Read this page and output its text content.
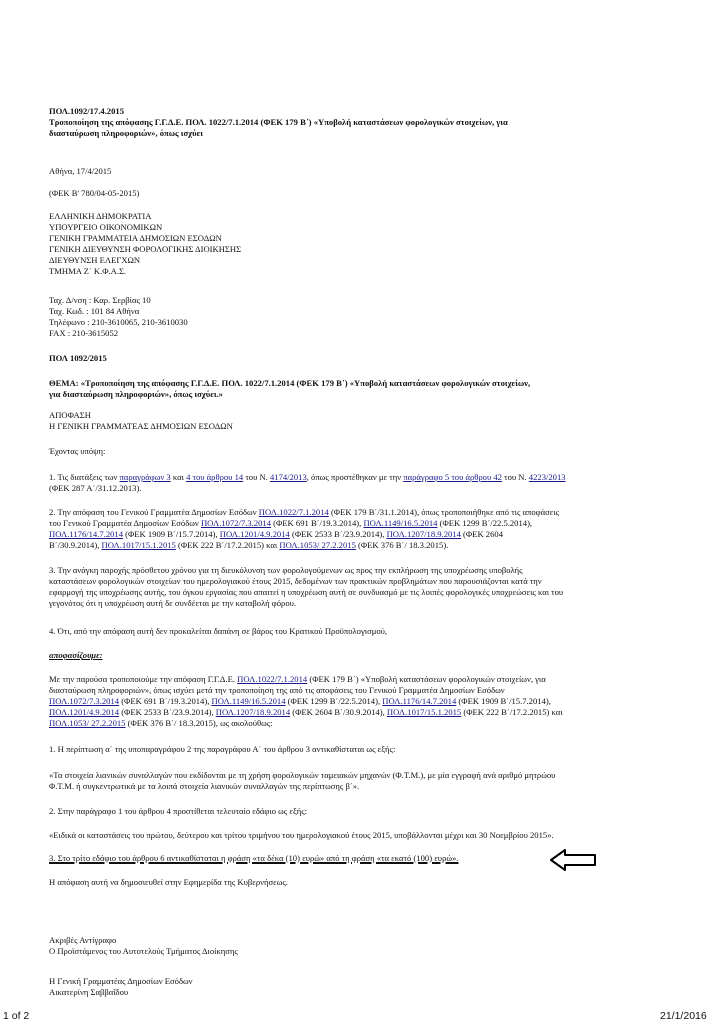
ΠΟΛ.1092/17.4.2015
Τροποποίηση της απόφασης Γ.Γ.Δ.Ε. ΠΟΛ. 1022/7.1.2014 (ΦΕΚ 179 Β΄) «Υποβολή καταστάσεων φορολογικών στοιχείων, για
διασταύρωση πληροφοριών», όπως ισχύει
Αθήνα, 17/4/2015
(ΦΕΚ Β' 780/04-05-2015)
ΕΛΛΗΝΙΚΗ ΔΗΜΟΚΡΑΤΙΑ
ΥΠΟΥΡΓΕΙΟ ΟΙΚΟΝΟΜΙΚΩΝ
ΓΕΝΙΚΗ ΓΡΑΜΜΑΤΕΙΑ ΔΗΜΟΣΙΩΝ ΕΣΟΔΩΝ
ΓΕΝΙΚΗ ΔΙΕΥΘΥΝΣΗ ΦΟΡΟΛΟΓΙΚΗΣ ΔΙΟΙΚΗΣΗΣ
ΔΙΕΥΘΥΝΣΗ ΕΛΕΓΧΩΝ
ΤΜΗΜΑ Ζ΄ Κ.Φ.Α.Σ.
Ταχ. Δ/νση : Καρ. Σερβίας 10
Ταχ. Κωδ. : 101 84 Αθήνα
Τηλέφωνο : 210-3610065, 210-3610030
FAX : 210-3615052
ΠΟΛ 1092/2015
ΘΕΜΑ: «Τροποποίηση της απόφασης Γ.Γ.Δ.Ε. ΠΟΛ. 1022/7.1.2014 (ΦΕΚ 179 Β΄) «Υποβολή καταστάσεων φορολογικών στοιχείων,
για διασταύρωση πληροφοριών», όπως ισχύει.»
ΑΠΟΦΑΣΗ
Η ΓΕΝΙΚΗ ΓΡΑΜΜΑΤΕΑΣ ΔΗΜΟΣΙΩΝ ΕΣΟΔΩΝ
Έχοντας υπόψη:
1. Τις διατάξεις των παραγράφων 3 και 4 του άρθρου 14 του Ν. 4174/2013, όπως προστέθηκαν με την παράγραφο 5 του άρθρου 42 του Ν. 4223/2013
(ΦΕΚ 287 Α΄/31.12.2013).
2. Την απόφαση του Γενικού Γραμματέα Δημοσίων Εσόδων ΠΟΛ.1022/7.1.2014 (ΦΕΚ 179 Β΄/31.1.2014), όπως τροποποιήθηκε από τις αποφάσεις
του Γενικού Γραμματέα Δημοσίων Εσόδων ΠΟΛ.1072/7.3.2014 (ΦΕΚ 691 Β΄/19.3.2014), ΠΟΛ.1149/16.5.2014 (ΦΕΚ 1299 Β΄/22.5.2014),
ΠΟΛ.1176/14.7.2014 (ΦΕΚ 1909 Β΄/15.7.2014), ΠΟΛ.1201/4.9.2014 (ΦΕΚ 2533 Β΄/23.9.2014), ΠΟΛ.1207/18.9.2014 (ΦΕΚ 2604
Β΄/30.9.2014), ΠΟΛ.1017/15.1.2015 (ΦΕΚ 222 Β΄/17.2.2015) και ΠΟΛ.1053/ 27.2.2015 (ΦΕΚ 376 Β΄/ 18.3.2015).
3. Την ανάγκη παροχής πρόσθετου χρόνου για τη διευκόλυνση των φορολογούμενων ως προς την εκπλήρωση της υποχρέωσης υποβολής
καταστάσεων φορολογικών στοιχείων του ημερολογιακού έτους 2015, δεδομένων των πρακτικών προβλημάτων που παρουσιάζονται κατά την
εφαρμογή της υποχρέωσης αυτής, του όγκου εργασίας που απαιτεί η υποχρέωση αυτή σε συνδυασμό με τις λοιπές φορολογικές υποχρεώσεις και του
γεγονότος ότι η υποχρέωση αυτή δε συνδέεται με την καταβολή φόρου.
4. Ότι, από την απόφαση αυτή δεν προκαλείται δαπάνη σε βάρος του Κρατικού Προϋπολογισμού,
αποφασίζουμε:
Με την παρούσα τροποποιούμε την απόφαση Γ.Γ.Δ.Ε. ΠΟΛ.1022/7.1.2014 (ΦΕΚ 179 Β΄) «Υποβολή καταστάσεων φορολογικών στοιχείων, για
διασταύρωση πληροφοριών», όπως ισχύει μετά την τροποποίηση της από τις αποφάσεις του Γενικού Γραμματέα Δημοσίων Εσόδων
ΠΟΛ.1072/7.3.2014 (ΦΕΚ 691 Β΄/19.3.2014), ΠΟΛ.1149/16.5.2014 (ΦΕΚ 1299 Β΄/22.5.2014), ΠΟΛ.1176/14.7.2014 (ΦΕΚ 1909 Β΄/15.7.2014),
ΠΟΛ.1201/4.9.2014 (ΦΕΚ 2533 Β΄/23.9.2014), ΠΟΛ.1207/18.9.2014 (ΦΕΚ 2604 Β΄/30.9.2014), ΠΟΛ.1017/15.1.2015 (ΦΕΚ 222 Β΄/17.2.2015) και
ΠΟΛ.1053/ 27.2.2015 (ΦΕΚ 376 Β΄/ 18.3.2015), ως ακολούθως:
1. Η περίπτωση α΄ της υποπαραγράφου 2 της παραγράφου Α΄ του άρθρου 3 αντικαθίσταται ως εξής:
«Τα στοιχεία λιανικών συναλλαγών που εκδίδονται με τη χρήση φορολογικών ταμειακών μηχανών (Φ.Τ.Μ.), με μία εγγραφή ανά αριθμό μητρώου
Φ.Τ.Μ. ή συγκεντρωτικά με τα λοιπά στοιχεία λιανικών συναλλαγών της περίπτωσης β΄».
2. Στην παράγραφο 1 του άρθρου 4 προστίθεται τελευταίο εδάφιο ως εξής:
«Ειδικά οι καταστάσεις του πρώτου, δεύτερου και τρίτου τριμήνου του ημερολογιακού έτους 2015, υποβάλλονται μέχρι και 30 Νοεμβρίου 2015».
3. Στο τρίτο εδάφιο του άρθρου 6 αντικαθίσταται η φράση «τα δέκα (10) ευρώ» από τη φράση «τα εκατό (100) ευρώ».
Η απόφαση αυτή να δημοσιευθεί στην Εφημερίδα της Κυβερνήσεως.
Ακριβές Αντίγραφο
Ο Προϊστάμενος του Αυτοτελούς Τμήματος Διοίκησης
Η Γενική Γραμματέας Δημοσίων Εσόδων
Αικατερίνη Σαββαΐδου
1 of 2	21/1/2016
